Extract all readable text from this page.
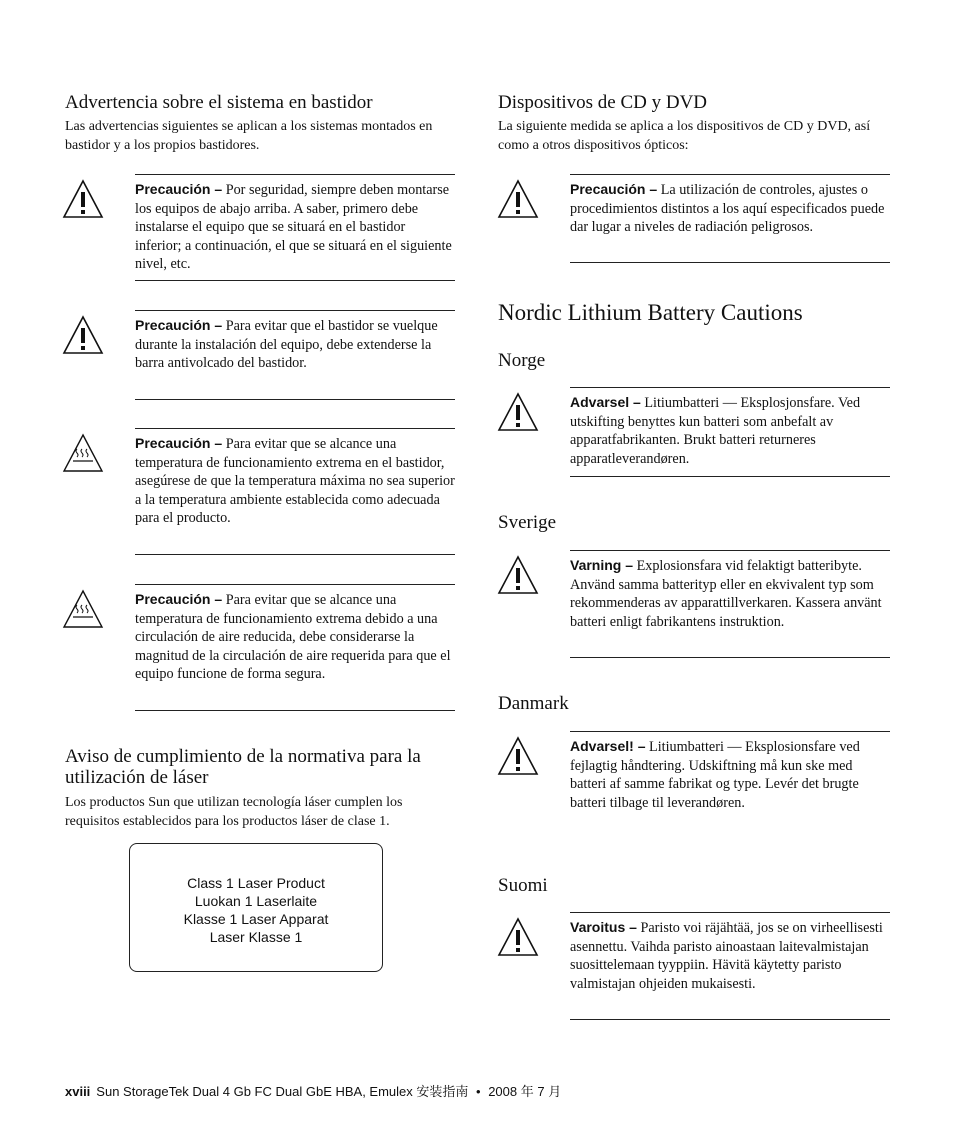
Advertencia sobre el sistema en bastidor

Las advertencias siguientes se aplican a los sistemas montados en bastidor y a los propios bastidores.

Precaución – Por seguridad, siempre deben montarse los equipos de abajo arriba. A saber, primero debe instalarse el equipo que se situará en el bastidor inferior; a continuación, el que se situará en el siguiente nivel, etc.
Precaución – Para evitar que el bastidor se vuelque durante la instalación del equipo, debe extenderse la barra antivolcado del bastidor.
Precaución – Para evitar que se alcance una temperatura de funcionamiento extrema en el bastidor, asegúrese de que la temperatura máxima no sea superior a la temperatura ambiente establecida como adecuada para el producto.
Precaución – Para evitar que se alcance una temperatura de funcionamiento extrema debido a una circulación de aire reducida, debe considerarse la magnitud de la circulación de aire requerida para que el equipo funcione de forma segura.
Aviso de cumplimiento de la normativa para la utilización de láser

Los productos Sun que utilizan tecnología láser cumplen los requisitos establecidos para los productos láser de clase 1.

Class 1 Laser Product
Luokan 1 Laserlaite
Klasse 1 Laser Apparat
Laser Klasse 1
Dispositivos de CD y DVD

La siguiente medida se aplica a los dispositivos de CD y DVD, así como a otros dispositivos ópticos:

Precaución – La utilización de controles, ajustes o procedimientos distintos a los aquí especificados puede dar lugar a niveles de radiación peligrosos.
Nordic Lithium Battery Cautions
Norge
Advarsel – Litiumbatteri — Eksplosjonsfare. Ved utskifting benyttes kun batteri som anbefalt av apparatfabrikanten. Brukt batteri returneres apparatleverandøren.
Sverige
Varning – Explosionsfara vid felaktigt batteribyte. Använd samma batterityp eller en ekvivalent typ som rekommenderas av apparattillverkaren. Kassera använt batteri enligt fabrikantens instruktion.
Danmark
Advarsel! – Litiumbatteri — Eksplosionsfare ved fejlagtig håndtering. Udskiftning må kun ske med batteri af samme fabrikat og type. Levér det brugte batteri tilbage til leverandøren.
Suomi
Varoitus – Paristo voi räjähtää, jos se on virheellisesti asennettu. Vaihda paristo ainoastaan laitevalmistajan suosittelemaan tyyppiin. Hävitä käytetty paristo valmistajan ohjeiden mukaisesti.
xviii Sun StorageTek Dual 4 Gb FC Dual GbE HBA, Emulex 安装指南 • 2008 年 7 月
